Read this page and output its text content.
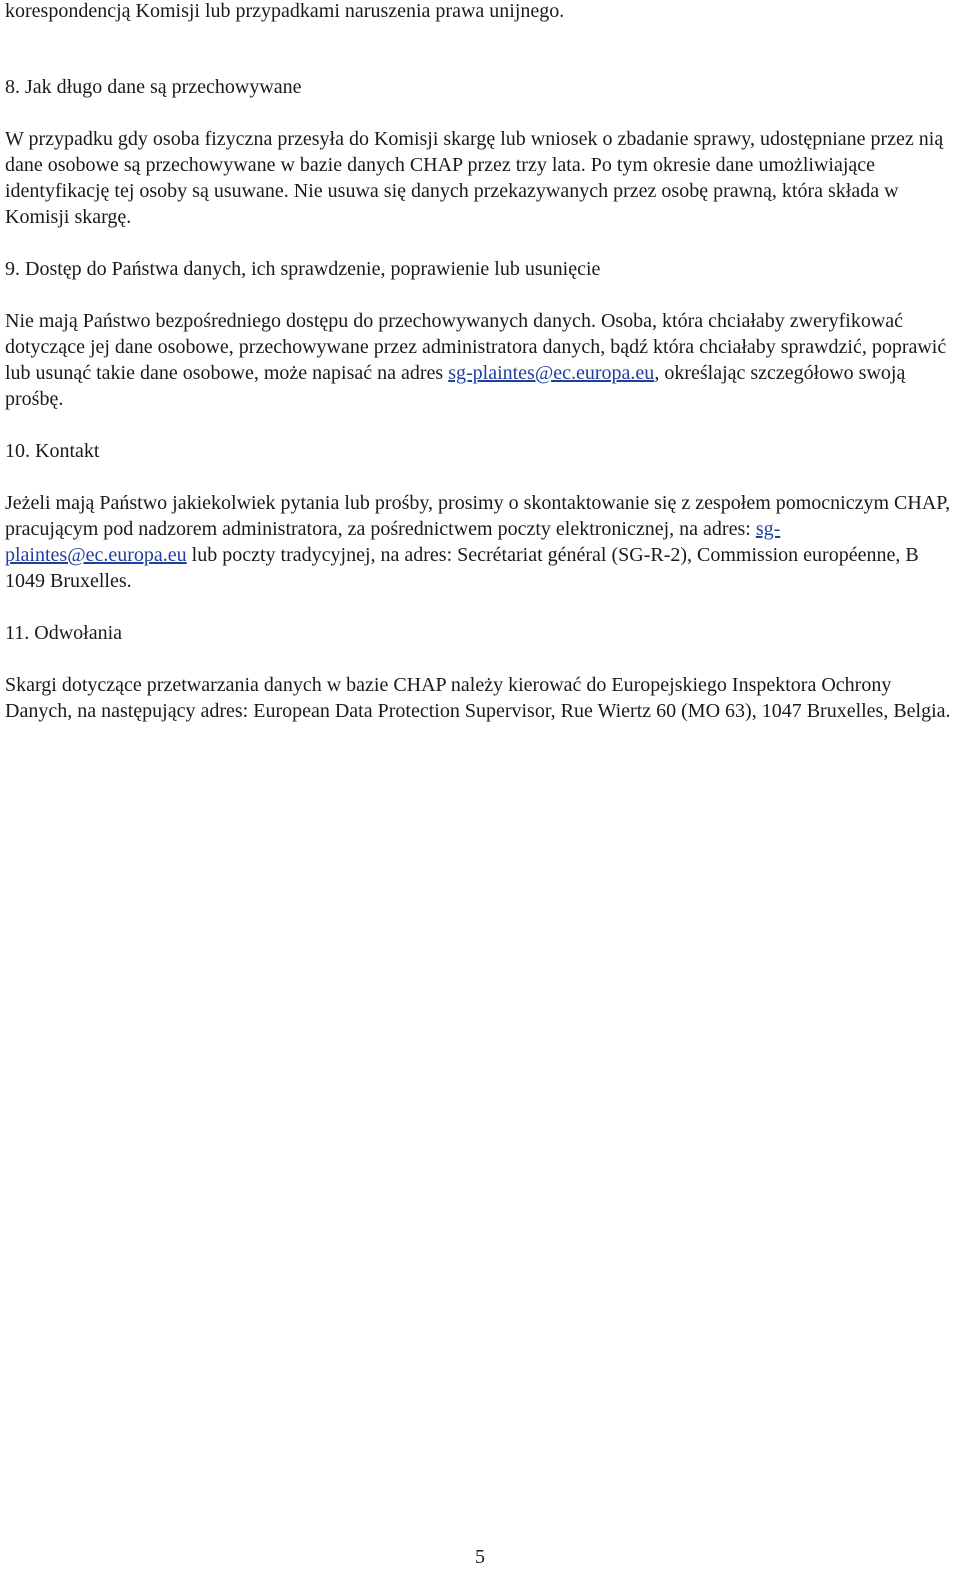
korespondencją Komisji lub przypadkami naruszenia prawa unijnego.

8. Jak długo dane są przechowywane

W przypadku gdy osoba fizyczna przesyła do Komisji skargę lub wniosek o zbadanie sprawy, udostępniane przez nią dane osobowe są przechowywane w bazie danych CHAP przez trzy lata. Po tym okresie dane umożliwiające identyfikację tej osoby są usuwane. Nie usuwa się danych przekazywanych przez osobę prawną, która składa w Komisji skargę.

9. Dostęp do Państwa danych, ich sprawdzenie, poprawienie lub usunięcie

Nie mają Państwo bezpośredniego dostępu do przechowywanych danych. Osoba, która chciałaby zweryfikować dotyczące jej dane osobowe, przechowywane przez administratora danych, bądź która chciałaby sprawdzić, poprawić lub usunąć takie dane osobowe, może napisać na adres sg-plaintes@ec.europa.eu, określając szczegółowo swoją prośbę.

10. Kontakt

Jeżeli mają Państwo jakiekolwiek pytania lub prośby, prosimy o skontaktowanie się z zespołem pomocniczym CHAP, pracującym pod nadzorem administratora, za pośrednictwem poczty elektronicznej, na adres: sg-plaintes@ec.europa.eu lub poczty tradycyjnej, na adres: Secrétariat général (SG-R-2), Commission européenne, B 1049 Bruxelles.

11. Odwołania

Skargi dotyczące przetwarzania danych w bazie CHAP należy kierować do Europejskiego Inspektora Ochrony Danych, na następujący adres: European Data Protection Supervisor, Rue Wiertz 60 (MO 63), 1047 Bruxelles, Belgia.

5
